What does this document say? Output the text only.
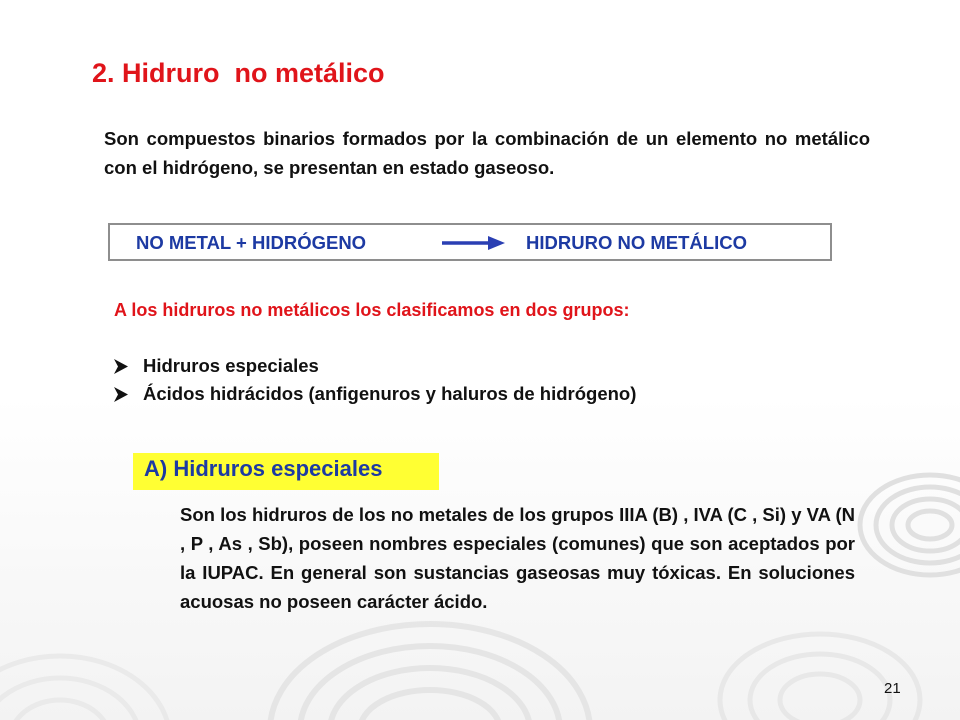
2. Hidruro  no metálico

Son compuestos binarios formados por la combinación de un elemento no metálico con el hidrógeno, se presentan en estado gaseoso.

NO METAL + HIDRÓGENO	HIDRURO NO METÁLICO

A los hidruros no metálicos los clasificamos en dos grupos:

Hidruros especiales
Ácidos hidrácidos (anfigenuros y haluros de hidrógeno)
A) Hidruros especiales

Son los hidruros de los no metales de los grupos IIIA (B) , IVA (C , Si) y VA (N , P , As , Sb), poseen nombres especiales (comunes) que son aceptados por la IUPAC. En general son sustancias gaseosas muy tóxicas. En soluciones acuosas no poseen carácter ácido.

21
